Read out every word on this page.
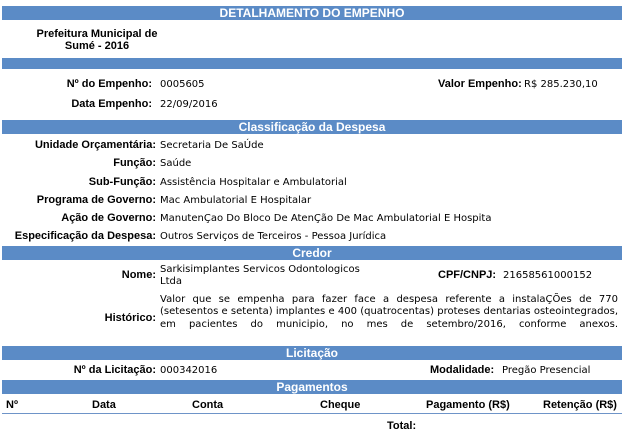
DETALHAMENTO DO EMPENHO
Prefeitura Municipal de
Sumé - 2016
Nº do Empenho: 0005605	Valor Empenho: R$ 285.230,10
Data Empenho: 22/09/2016
Classificação da Despesa
Unidade Orçamentária: Secretaria De SaÚde
Função: Saúde
Sub-Função: Assistência Hospitalar e Ambulatorial
Programa de Governo: Mac Ambulatorial E Hospitalar
Ação de Governo: ManutenÇao Do Bloco De AtenÇão De Mac Ambulatorial E Hospita
Especificação da Despesa: Outros Serviços de Terceiros - Pessoa Jurídica
Credor
Nome: Sarkisimplantes Servicos Odontologicos
Ltda
CPF/CNPJ: 21658561000152
Histórico:
Valor que se empenha para fazer face a despesa referente a instalaÇÕes de 770 (setesentos e setenta) implantes e 400 (quatrocentas) proteses dentarias osteointegrados, em pacientes do municipio, no mes de setembro/2016, conforme anexos.
Licitação
Nº da Licitação: 000342016	Modalidade: Pregão Presencial
Pagamentos
Nº	Data	Conta	Cheque	Pagamento (R$)	Retenção (R$)
Total:
